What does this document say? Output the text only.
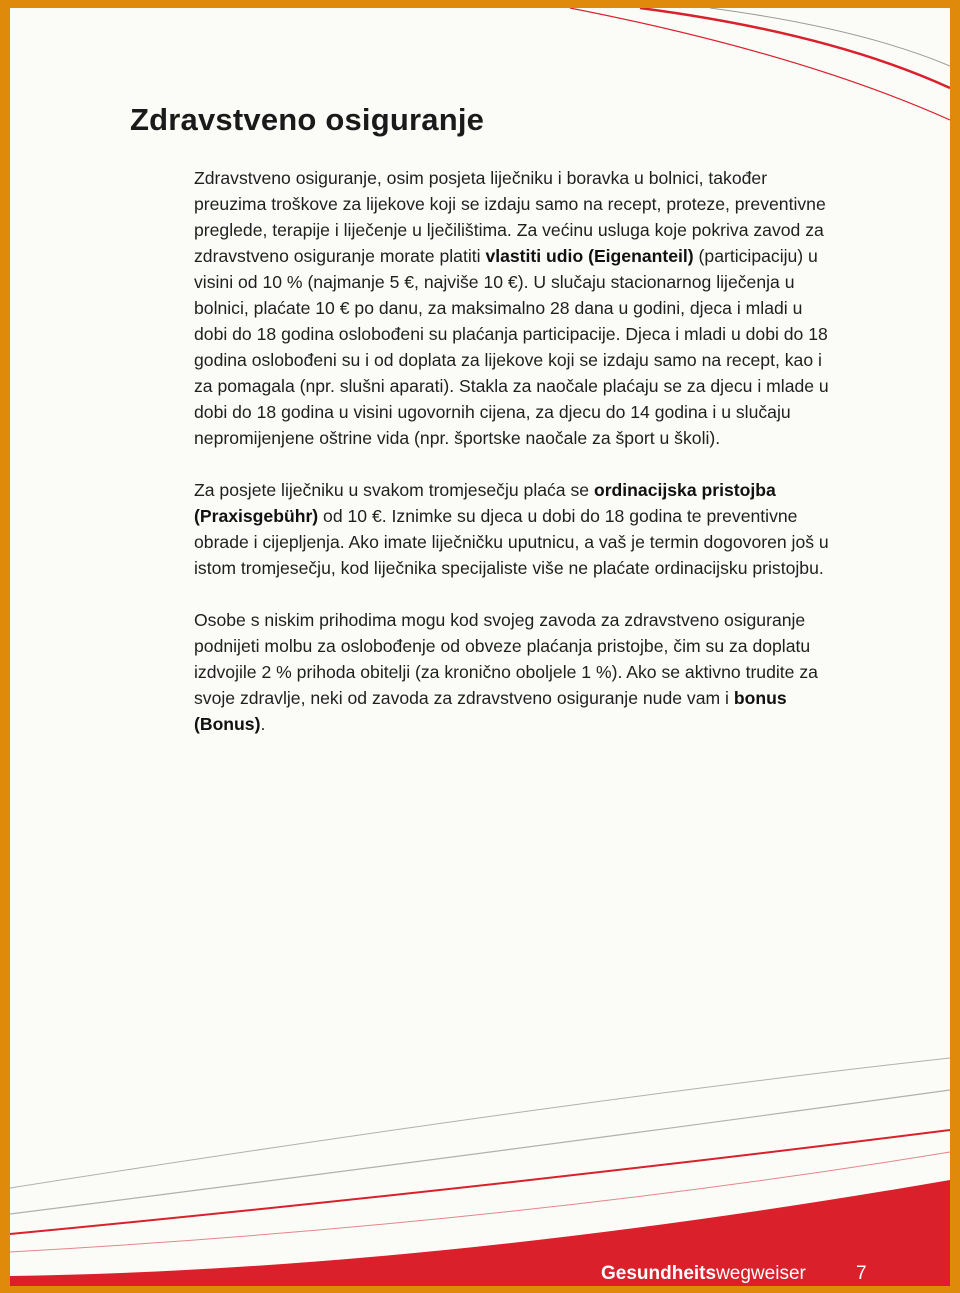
Zdravstveno osiguranje

Zdravstveno osiguranje, osim posjeta liječniku i boravka u bolnici, također preuzima troškove za lijekove koji se izdaju samo na recept, proteze, preventivne preglede, terapije i liječenje u lječilištima. Za većinu usluga koje pokriva zavod za zdravstveno osiguranje morate platiti vlastiti udio (Eigenanteil) (participaciju) u visini od 10 % (najmanje 5 €, najviše 10 €). U slučaju stacionarnog liječenja u bolnici, plaćate 10 € po danu, za maksimalno 28 dana u godini, djeca i mladi u dobi do 18 godina oslobođeni su plaćanja participacije. Djeca i mladi u dobi do 18 godina oslobođeni su i od doplata za lijekove koji se izdaju samo na recept, kao i za pomagala (npr. slušni aparati). Stakla za naočale plaćaju se za djecu i mlade u dobi do 18 godina u visini ugovornih cijena, za djecu do 14 godina i u slučaju nepromijenjene oštrine vida (npr. športske naočale za šport u školi).

Za posjete liječniku u svakom tromjesečju plaća se ordinacijska pristojba (Praxisgebühr) od 10 €. Iznimke su djeca u dobi do 18 godina te preventivne obrade i cijepljenja. Ako imate liječničku uputnicu, a vaš je termin dogovoren još u istom tromjesečju, kod liječnika specijaliste više ne plaćate ordinacijsku pristojbu.

Osobe s niskim prihodima mogu kod svojeg zavoda za zdravstveno osiguranje podnijeti molbu za oslobođenje od obveze plaćanja pristojbe, čim su za doplatu izdvojile 2 % prihoda obitelji (za kronično oboljele 1 %). Ako se aktivno trudite za svoje zdravlje, neki od zavoda za zdravstveno osiguranje nude vam i bonus (Bonus).

Gesundheitswegweiser	7
